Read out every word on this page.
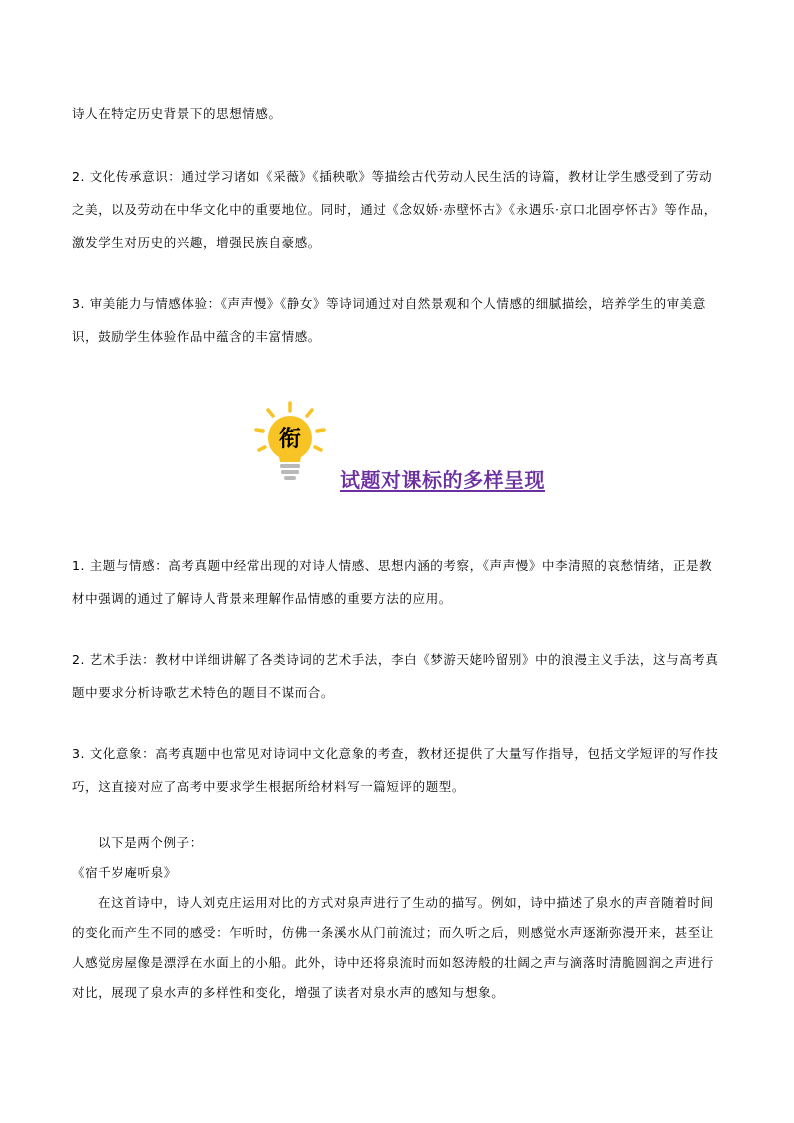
诗人在特定历史背景下的思想情感。

2. 文化传承意识：通过学习诸如《采薇》《插秧歌》等描绘古代劳动人民生活的诗篇，教材让学生感受到了劳动之美，以及劳动在中华文化中的重要地位。同时，通过《念奴娇·赤壁怀古》《永遇乐·京口北固亭怀古》等作品，激发学生对历史的兴趣，增强民族自豪感。

3. 审美能力与情感体验：《声声慢》《静女》等诗词通过对自然景观和个人情感的细腻描绘，培养学生的审美意识，鼓励学生体验作品中蕴含的丰富情感。

衔
试题对课标的多样呈现

1. 主题与情感：高考真题中经常出现的对诗人情感、思想内涵的考察，《声声慢》中李清照的哀愁情绪，正是教材中强调的通过了解诗人背景来理解作品情感的重要方法的应用。

2. 艺术手法：教材中详细讲解了各类诗词的艺术手法，李白《梦游天姥吟留别》中的浪漫主义手法，这与高考真题中要求分析诗歌艺术特色的题目不谋而合。

3. 文化意象：高考真题中也常见对诗词中文化意象的考查，教材还提供了大量写作指导，包括文学短评的写作技巧，这直接对应了高考中要求学生根据所给材料写一篇短评的题型。

以下是两个例子：
《宿千岁庵听泉》
在这首诗中，诗人刘克庄运用对比的方式对泉声进行了生动的描写。例如，诗中描述了泉水的声音随着时间的变化而产生不同的感受：乍听时，仿佛一条溪水从门前流过；而久听之后，则感觉水声逐渐弥漫开来，甚至让人感觉房屋像是漂浮在水面上的小船。此外，诗中还将泉流时而如怒涛般的壮阔之声与滴落时清脆圆润之声进行对比，展现了泉水声的多样性和变化，增强了读者对泉水声的感知与想象。
